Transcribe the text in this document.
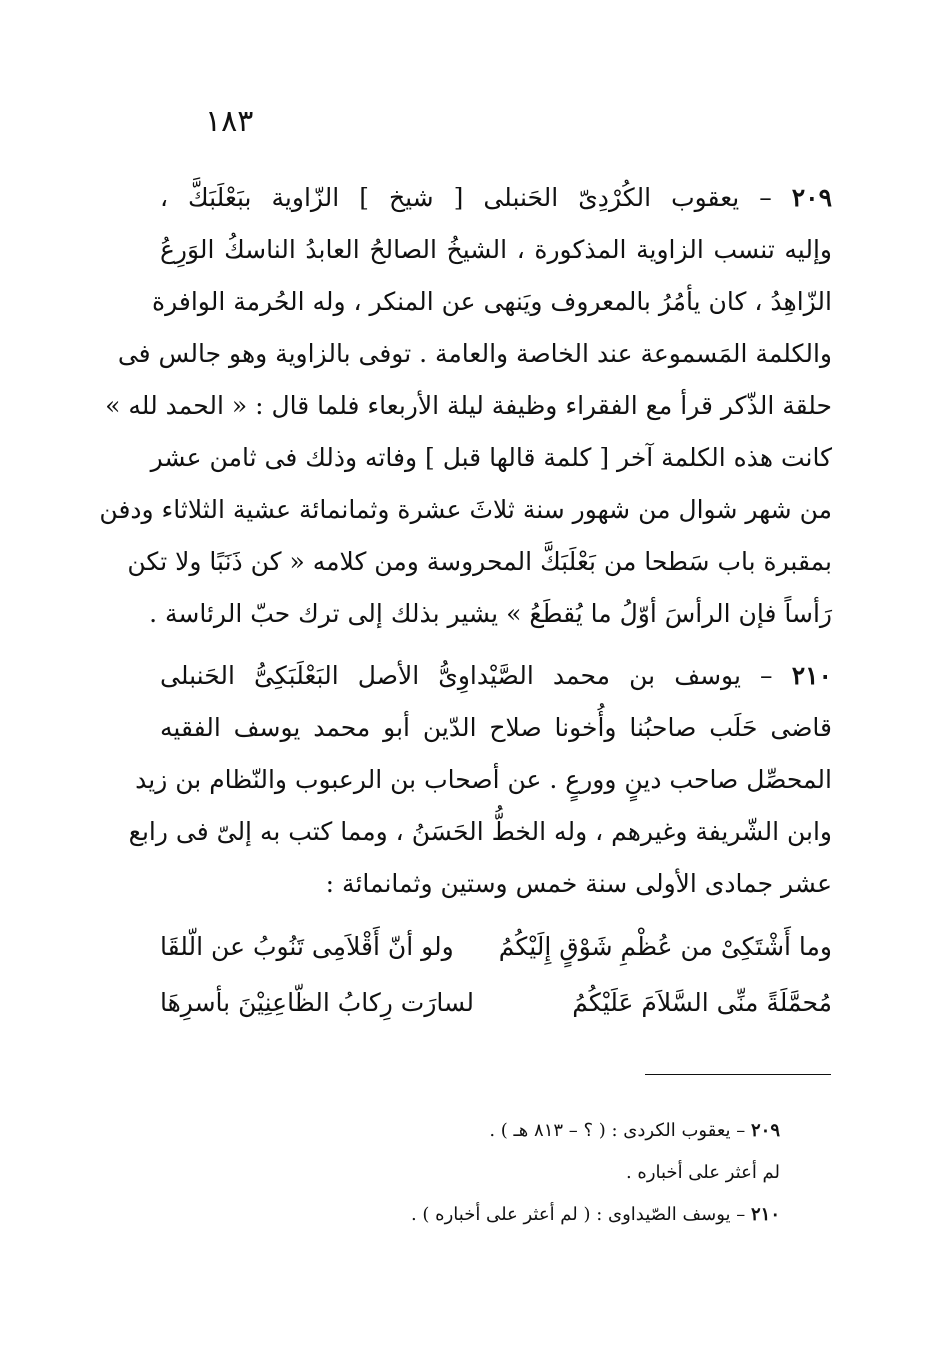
١٨٣

٢٠٩ – يعقوب الكُرْدِىّ الحَنبلى [ شيخ ] الزّاوية ببَعْلَبَكَّ ،
وإليه تنسب الزاوية المذكورة ، الشيخُ الصالحُ العابدُ الناسكُ الوَرِعُ
الزّاهِدُ ، كان يأمُرُ بالمعروف ويَنهى عن المنكر ، وله الحُرمة الوافرة
والكلمة المَسموعة عند الخاصة والعامة . توفى بالزاوية وهو جالس فى
حلقة الذّكر قرأ مع الفقراء وظيفة ليلة الأربعاء فلما قال : « الحمد لله »
كانت هذه الكلمة آخر [ كلمة قالها قبل ] وفاته وذلك فى ثامن عشر
من شهر شوال من شهور سنة ثلاثَ عشرة وثمانمائة عشية الثلاثاء ودفن
بمقبرة باب سَطحا من بَعْلَبَكَّ المحروسة ومن كلامه « كن ذَنَبًا ولا تكن
رَأساً فإن الرأسَ أوّلُ ما يُقطَعُ » يشير بذلك إلى ترك حبّ الرئاسة .

٢١٠ – يوسف بن محمد الصَّيْداوِىُّ الأصل البَعْلَبَكِىُّ الحَنبلى
قاضى حَلَب صاحبُنا وأُخونا صلاح الدّين أبو محمد يوسف الفقيه
المحصِّل صاحب دينٍ وورعٍ . عن أصحاب بن الرعبوب والنّظام بن زيد
وابن الشّريفة وغيرهم ، وله الخطُّ الحَسَنُ ، ومما كتب به إلىّ فى رابع
عشر جمادى الأولى سنة خمس وستين وثمانمائة :

وما أَشْتَكِىْ من عُظْمِ شَوْقٍ إِلَيْكُمُ
ولو أنّ أَقْلاَمِى تَنُوبُ عن الّلقَا
مُحمَّلَةً منِّى السَّلاَمَ عَلَيْكُمُ
لسارَت رِكابُ الظّاعِنِيْنَ بأسرِهَا
٢٠٩ – يعقوب الكردى : ( ؟ – ٨١٣ هـ ) .
لم أعثر على أخباره .
٢١٠ – يوسف الصّيداوى : ( لم أعثر على أخباره ) .
